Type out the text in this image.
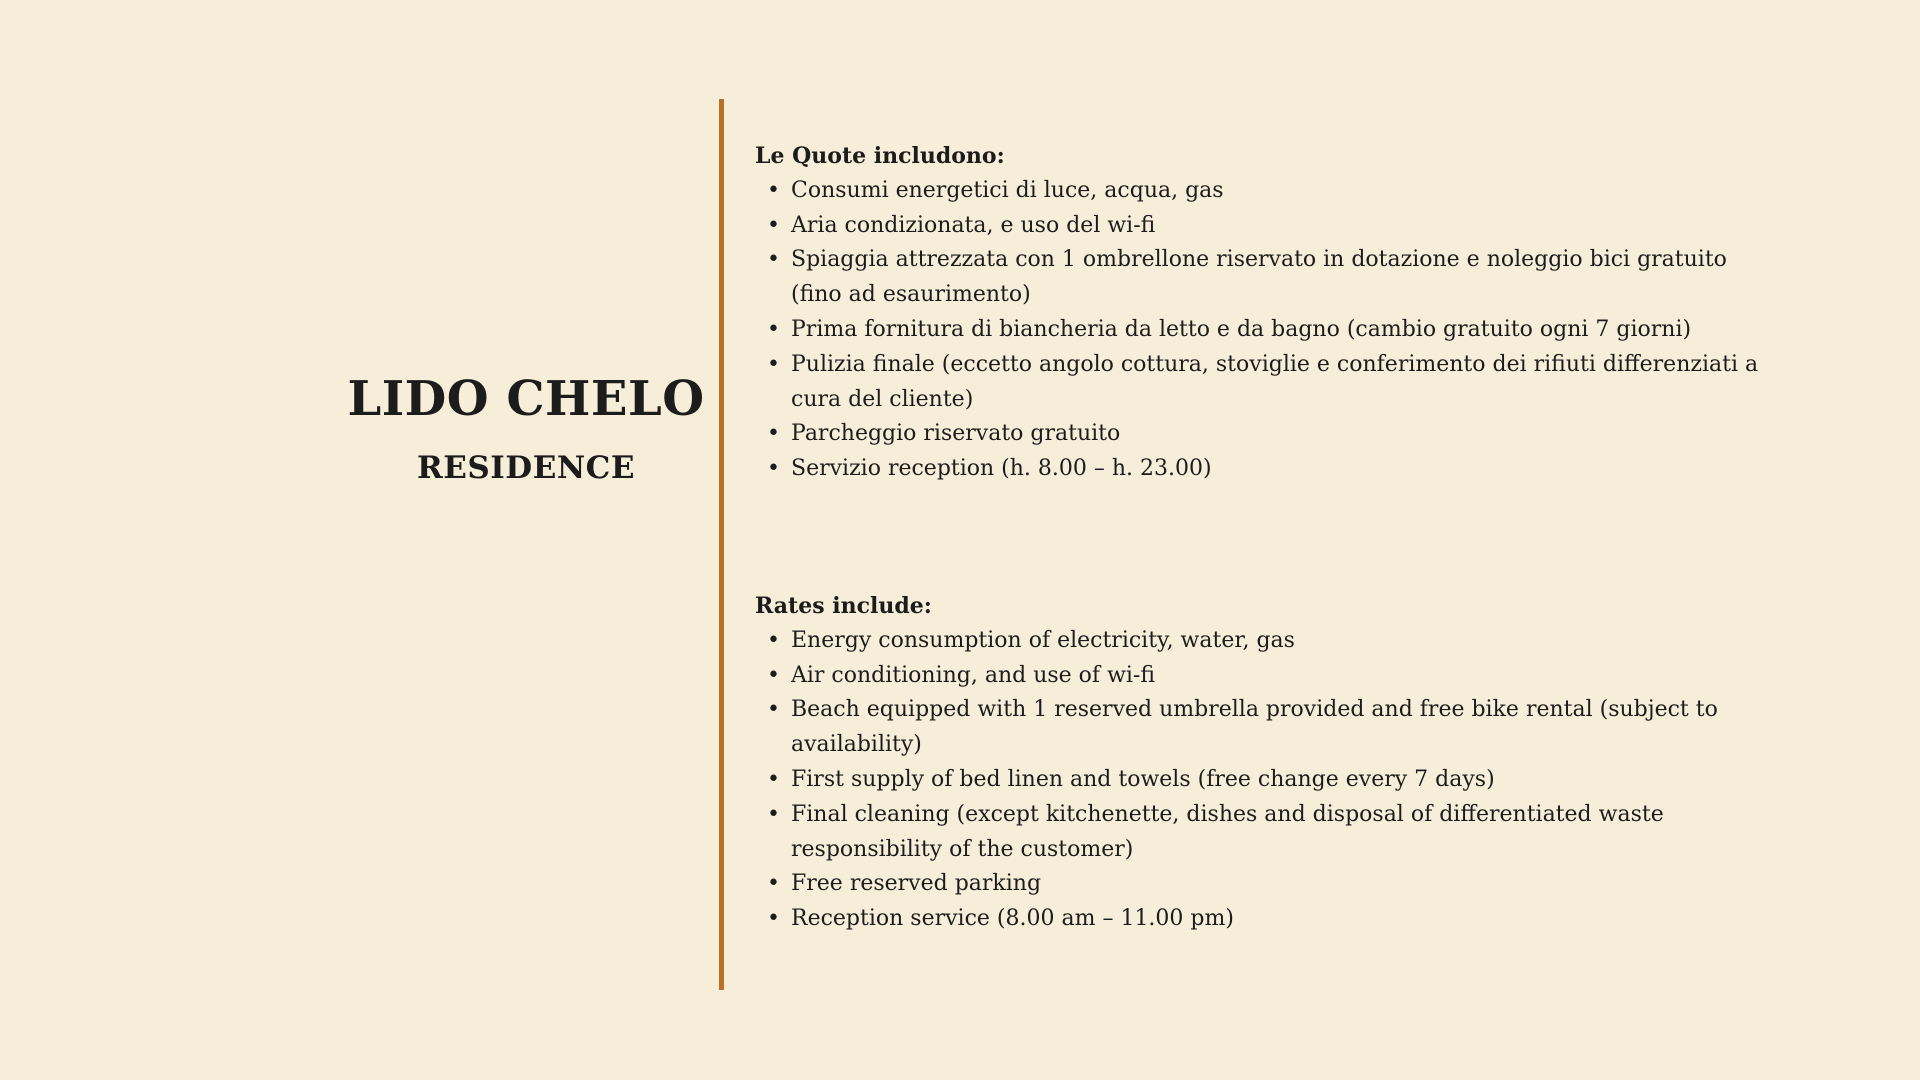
LIDO CHELO
RESIDENCE

Le Quote includono:

• Consumi energetici di luce, acqua, gas
• Aria condizionata, e uso del wi-fi
• Spiaggia attrezzata con 1 ombrellone riservato in dotazione e noleggio bici gratuito (fino ad esaurimento)
• Prima fornitura di biancheria da letto e da bagno (cambio gratuito ogni 7 giorni)
• Pulizia finale (eccetto angolo cottura, stoviglie e conferimento dei rifiuti differenziati a cura del cliente)
• Parcheggio riservato gratuito
• Servizio reception (h. 8.00 – h. 23.00)

Rates include:

• Energy consumption of electricity, water, gas
• Air conditioning, and use of wi-fi
• Beach equipped with 1 reserved umbrella provided and free bike rental (subject to availability)
• First supply of bed linen and towels (free change every 7 days)
• Final cleaning (except kitchenette, dishes and disposal of differentiated waste responsibility of the customer)
• Free reserved parking
• Reception service (8.00 am – 11.00 pm)
